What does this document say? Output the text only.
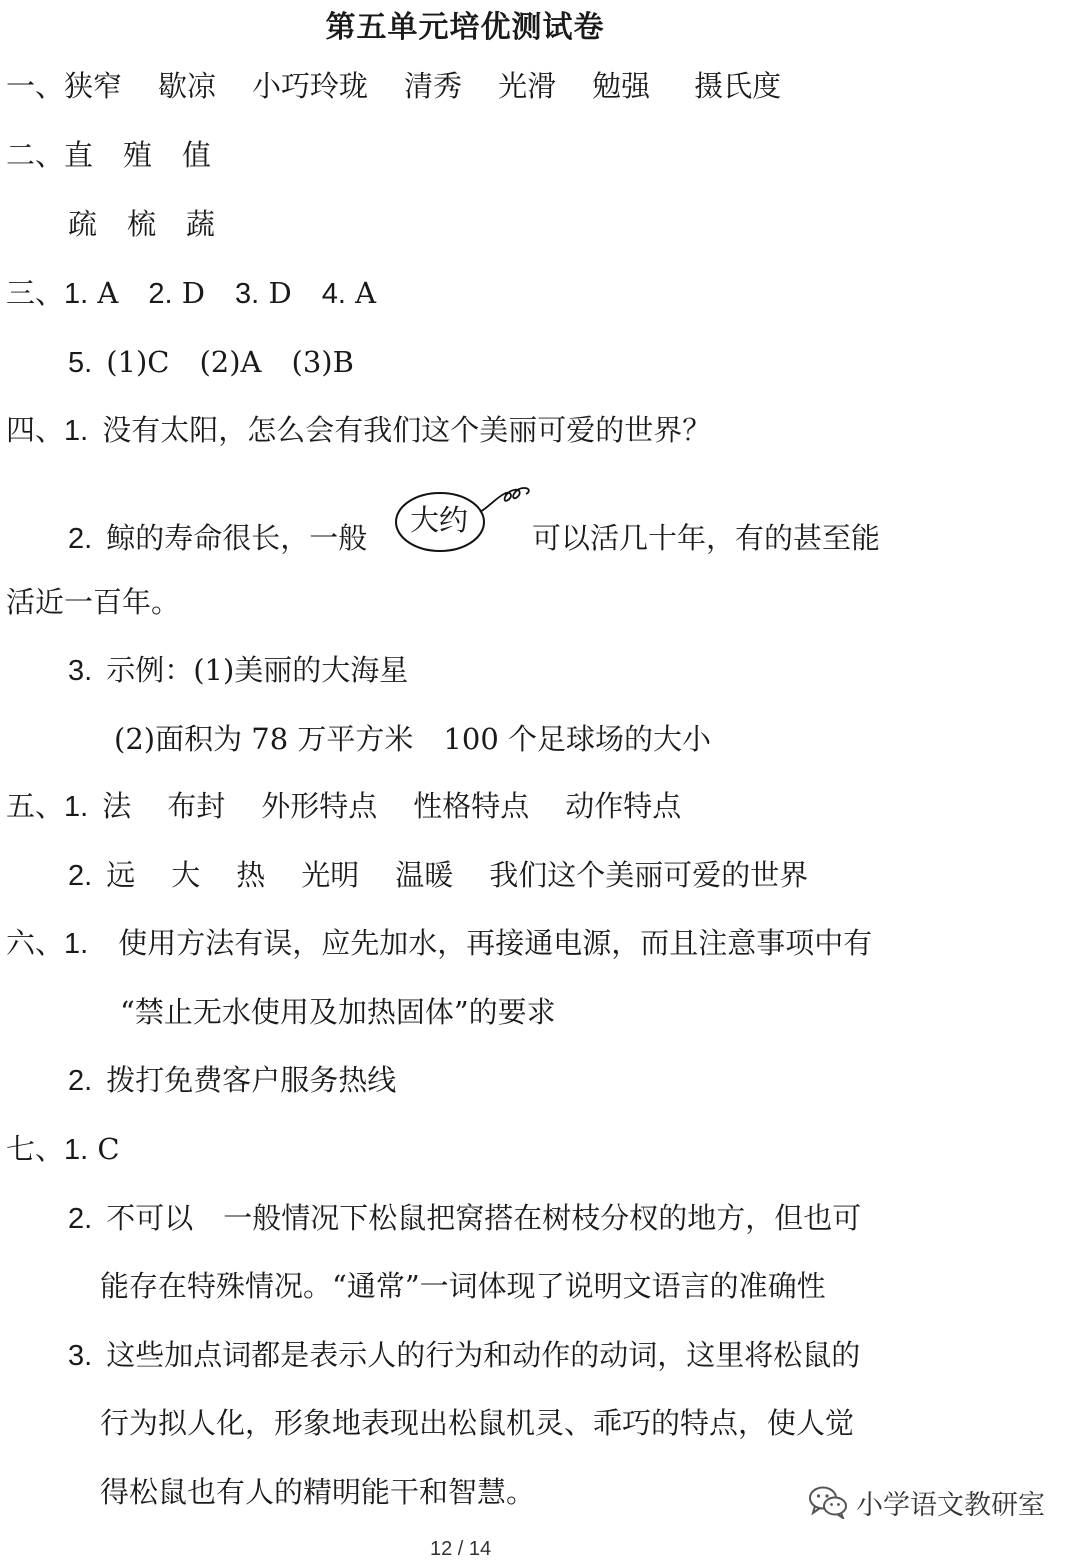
第五单元培优测试卷
一、狭窄 歇凉 小巧玲珑 清秀 光滑 勉强 摄氏度
二、直 殖 值
疏 梳 蔬
三、1. A 2. D 3. D 4. A
5. (1)C (2)A (3)B
四、1. 没有太阳，怎么会有我们这个美丽可爱的世界？
2. 鲸的寿命很长，一般
大约
可以活几十年，有的甚至能
活近一百年。
3. 示例：(1)美丽的大海星
(2)面积为 78 万平方米 100 个足球场的大小
五、1. 法 布封 外形特点 性格特点 动作特点
2. 远 大 热 光明 温暖 我们这个美丽可爱的世界
六、1. 使用方法有误，应先加水，再接通电源，而且注意事项中有
“禁止无水使用及加热固体”的要求
2. 拨打免费客户服务热线
七、1. C
2. 不可以 一般情况下松鼠把窝搭在树枝分杈的地方，但也可
能存在特殊情况。“通常”一词体现了说明文语言的准确性
3. 这些加点词都是表示人的行为和动作的动词，这里将松鼠的
行为拟人化，形象地表现出松鼠机灵、乖巧的特点，使人觉
得松鼠也有人的精明能干和智慧。	小学语文教研室
12 / 14
